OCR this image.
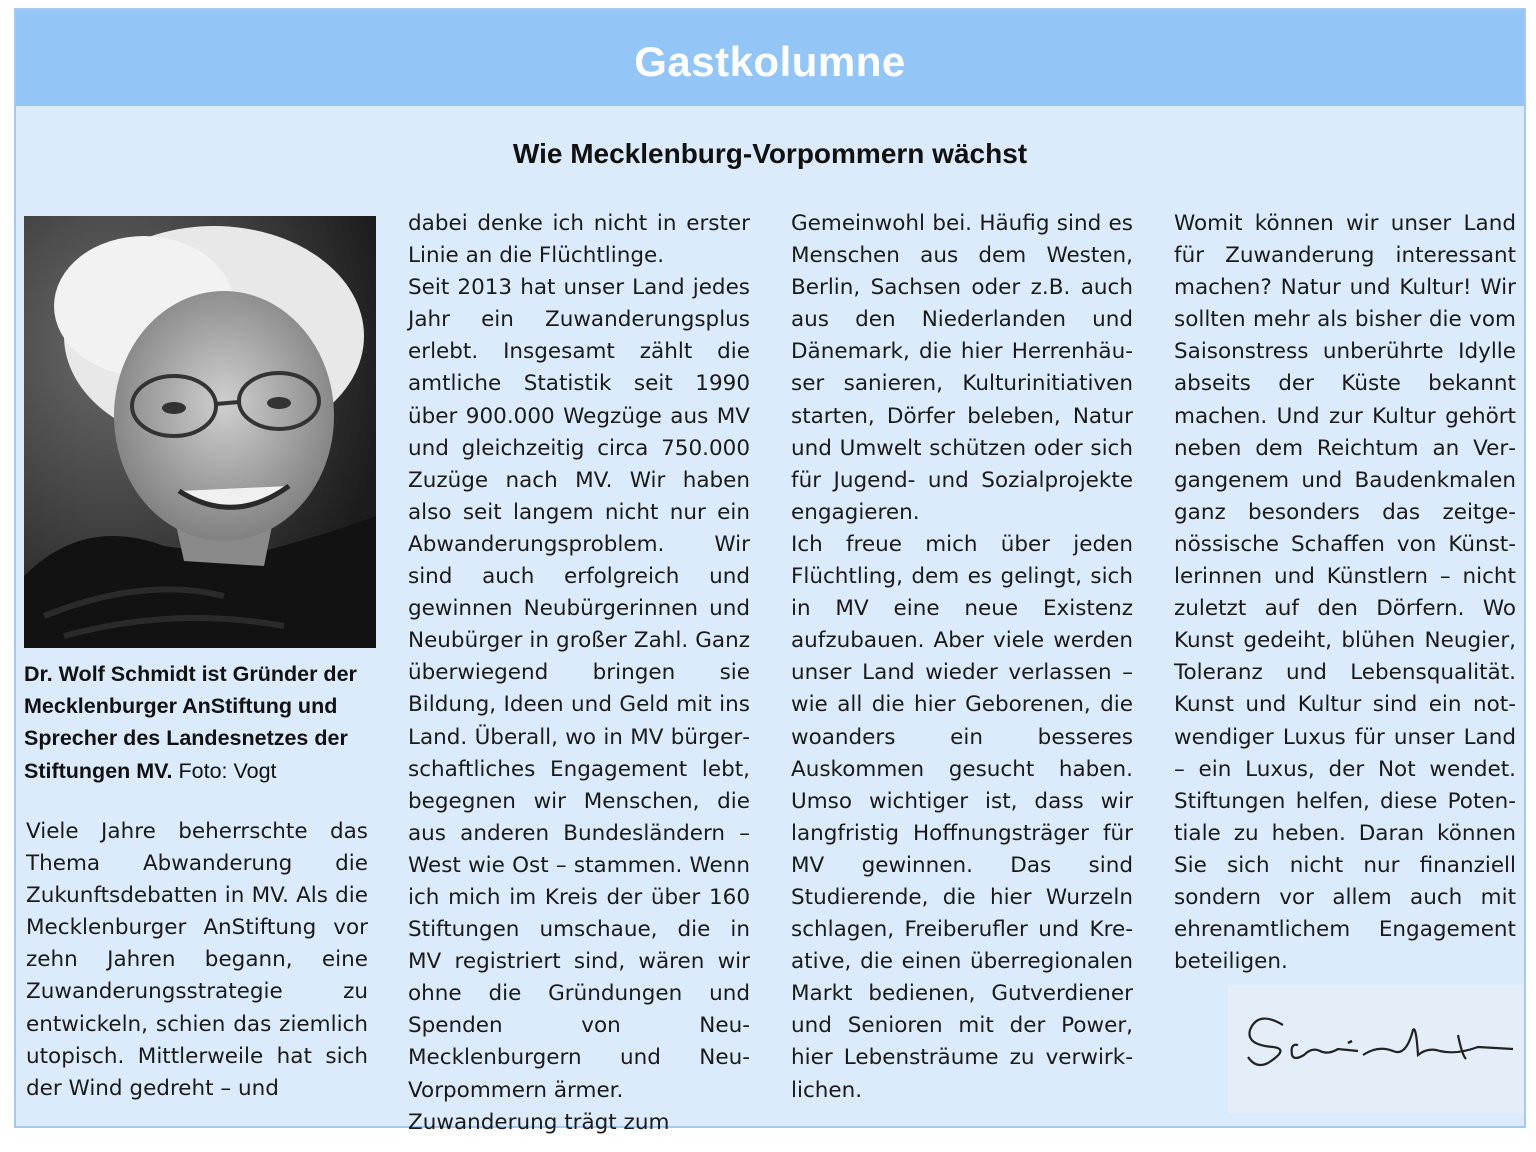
Gastkolumne
Wie Mecklenburg-Vorpommern wächst
Dr. Wolf Schmidt ist Gründer der Mecklenburger AnStiftung und Sprecher des Landesnetzes der Stiftungen MV. Foto: Vogt

Viele Jahre beherrschte das Thema Abwanderung die Zukunftsdebatten in MV. Als die Mecklenburger AnStiftung vor zehn Jahren begann, eine Zuwanderungsstrategie zu entwickeln, schien das ziemlich utopisch. Mittlerweile hat sich der Wind gedreht – und

dabei denke ich nicht in erster Linie an die Flüchtlinge.

Seit 2013 hat unser Land jedes Jahr ein Zuwanderungsplus erlebt. Insgesamt zählt die amtliche Statistik seit 1990 über 900.000 Wegzüge aus MV und gleichzeitig circa 750.000 Zuzüge nach MV. Wir haben also seit langem nicht nur ein Abwanderungsproblem. Wir sind auch erfolgreich und gewinnen Neubürgerinnen und Neubürger in großer Zahl. Ganz überwiegend bringen sie Bildung, Ideen und Geld mit ins Land. Überall, wo in MV bürgerschaftliches Engagement lebt, begegnen wir Menschen, die aus anderen Bundesländern – West wie Ost – stammen. Wenn ich mich im Kreis der über 160 Stiftungen umschaue, die in MV registriert sind, wären wir ohne die Gründungen und Spenden von Neu-Mecklenburgern und Neu-Vorpommern ärmer.

Zuwanderung trägt zum

Gemeinwohl bei. Häufig sind es Menschen aus dem Westen, Berlin, Sachsen oder z.B. auch aus den Niederlanden und Dänemark, die hier Herrenhäuser sanieren, Kulturinitiativen starten, Dörfer beleben, Natur und Umwelt schützen oder sich für Jugend- und Sozialprojekte engagieren.

Ich freue mich über jeden Flüchtling, dem es gelingt, sich in MV eine neue Existenz aufzubauen. Aber viele werden unser Land wieder verlassen – wie all die hier Geborenen, die woanders ein besseres Auskommen gesucht haben. Umso wichtiger ist, dass wir langfristig Hoffnungsträger für MV gewinnen. Das sind Studierende, die hier Wurzeln schlagen, Freiberufler und Kreative, die einen überregionalen Markt bedienen, Gutverdiener und Senioren mit der Power, hier Lebensträume zu verwirklichen.

Womit können wir unser Land für Zuwanderung interessant machen? Natur und Kultur! Wir sollten mehr als bisher die vom Saisonstress unberührte Idylle abseits der Küste bekannt machen. Und zur Kultur gehört neben dem Reichtum an Vergangenem und Baudenkmalen ganz besonders das zeitgenössische Schaffen von Künstlerinnen und Künstlern – nicht zuletzt auf den Dörfern. Wo Kunst gedeiht, blühen Neugier, Toleranz und Lebensqualität. Kunst und Kultur sind ein notwendiger Luxus für unser Land – ein Luxus, der Not wendet. Stiftungen helfen, diese Potentiale zu heben. Daran können Sie sich nicht nur finanziell sondern vor allem auch mit ehrenamtlichem Engagement beteiligen.
